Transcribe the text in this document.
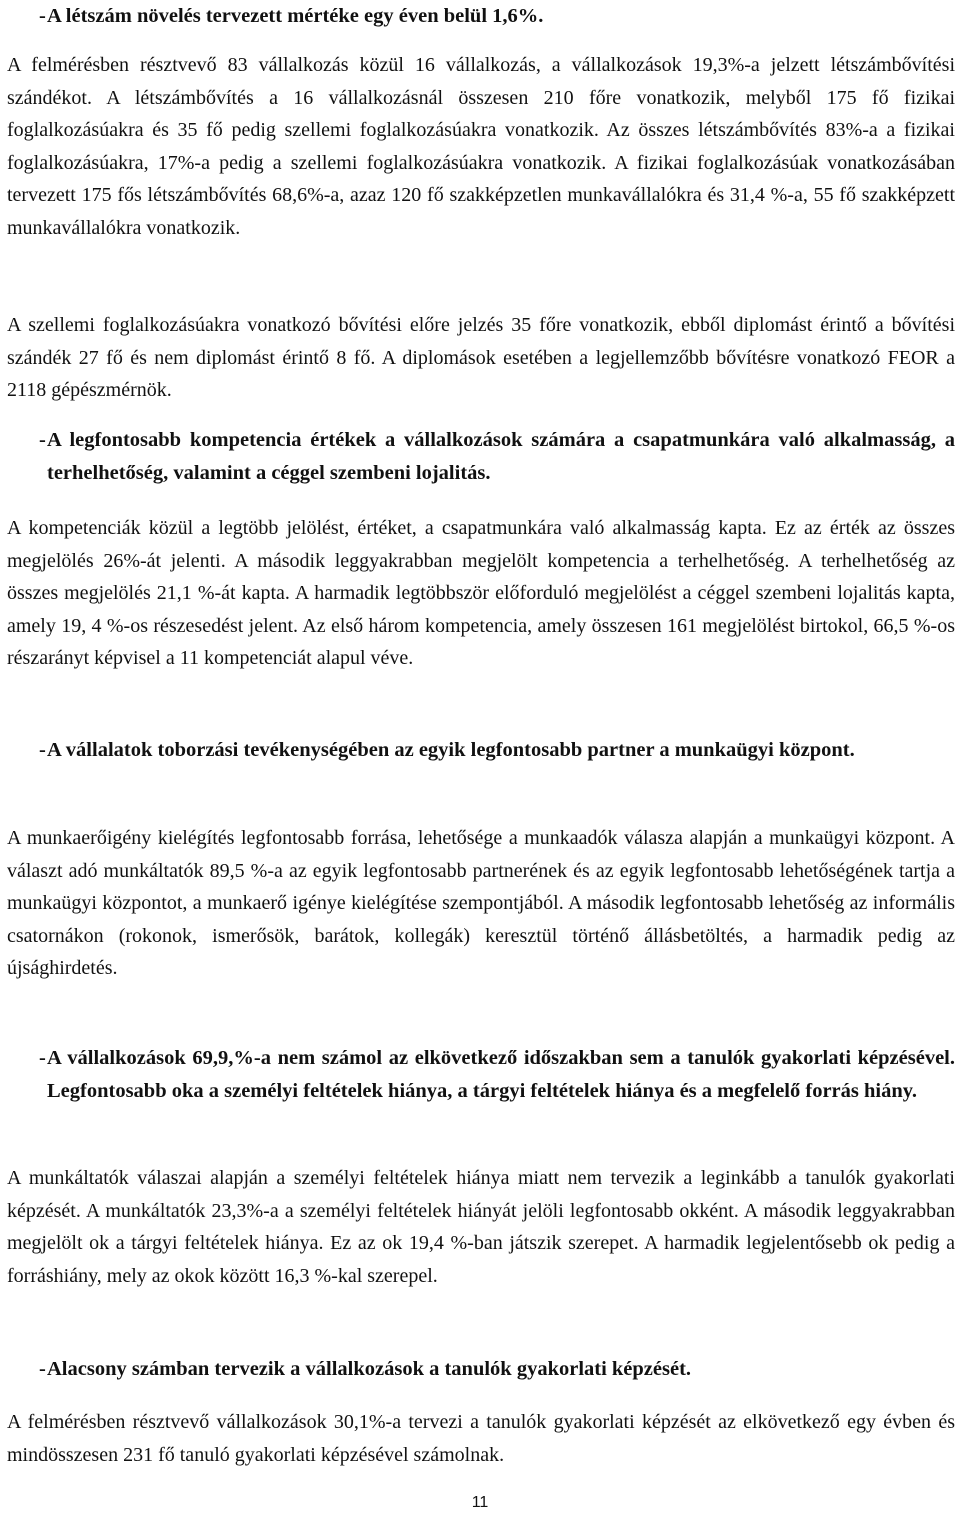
- A létszám növelés tervezett mértéke egy éven belül 1,6%.

A felmérésben résztvevő 83 vállalkozás közül 16 vállalkozás, a vállalkozások 19,3%-a jelzett létszámbővítési szándékot. A létszámbővítés a 16 vállalkozásnál összesen 210 főre vonatkozik, melyből 175 fő fizikai foglalkozásúakra és 35 fő pedig szellemi foglalkozásúakra vonatkozik. Az összes létszámbővítés 83%-a a fizikai foglalkozásúakra, 17%-a pedig a szellemi foglalkozásúakra vonatkozik. A fizikai foglalkozásúak vonatkozásában tervezett 175 fős létszámbővítés 68,6%-a, azaz 120 fő szakképzetlen munkavállalókra és 31,4 %-a, 55 fő szakképzett munkavállalókra vonatkozik.

A szellemi foglalkozásúakra vonatkozó bővítési előre jelzés 35 főre vonatkozik, ebből diplomást érintő a bővítési szándék 27 fő és nem diplomást érintő 8 fő. A diplomások esetében a legjellemzőbb bővítésre vonatkozó FEOR a 2118 gépészmérnök.

- A legfontosabb kompetencia értékek a vállalkozások számára a csapatmunkára való alkalmasság, a terhelhetőség, valamint a céggel szembeni lojalitás.

A kompetenciák közül a legtöbb jelölést, értéket, a csapatmunkára való alkalmasság kapta. Ez az érték az összes megjelölés 26%-át jelenti. A második leggyakrabban megjelölt kompetencia a terhelhetőség. A terhelhetőség az összes megjelölés 21,1 %-át kapta. A harmadik legtöbbször előforduló megjelölést a céggel szembeni lojalitás kapta, amely 19, 4 %-os részesedést jelent. Az első három kompetencia, amely összesen 161 megjelölést birtokol, 66,5 %-os részarányt képvisel a 11 kompetenciát alapul véve.

- A vállalatok toborzási tevékenységében az egyik legfontosabb partner a munkaügyi központ.

A munkaerőigény kielégítés legfontosabb forrása, lehetősége a munkaadók válasza alapján a munkaügyi központ. A választ adó munkáltatók 89,5 %-a az egyik legfontosabb partnerének és az egyik legfontosabb lehetőségének tartja a munkaügyi központot, a munkaerő igénye kielégítése szempontjából. A második legfontosabb lehetőség az informális csatornákon (rokonok, ismerősök, barátok, kollegák) keresztül történő állásbetöltés, a harmadik pedig az újsághirdetés.

- A vállalkozások 69,9,%-a nem számol az elkövetkező időszakban sem a tanulók gyakorlati képzésével. Legfontosabb oka a személyi feltételek hiánya, a tárgyi feltételek hiánya és a megfelelő forrás hiány.

A munkáltatók válaszai alapján a személyi feltételek hiánya miatt nem tervezik a leginkább a tanulók gyakorlati képzését. A munkáltatók 23,3%-a a személyi feltételek hiányát jelöli legfontosabb okként. A második leggyakrabban megjelölt ok a tárgyi feltételek hiánya. Ez az ok 19,4 %-ban játszik szerepet. A harmadik legjelentősebb ok pedig a forráshiány, mely az okok között 16,3 %-kal szerepel.

- Alacsony számban tervezik a vállalkozások a tanulók gyakorlati képzését.

A felmérésben résztvevő vállalkozások 30,1%-a tervezi a tanulók gyakorlati képzését az elkövetkező egy évben és mindösszesen 231 fő tanuló gyakorlati képzésével számolnak.

11
